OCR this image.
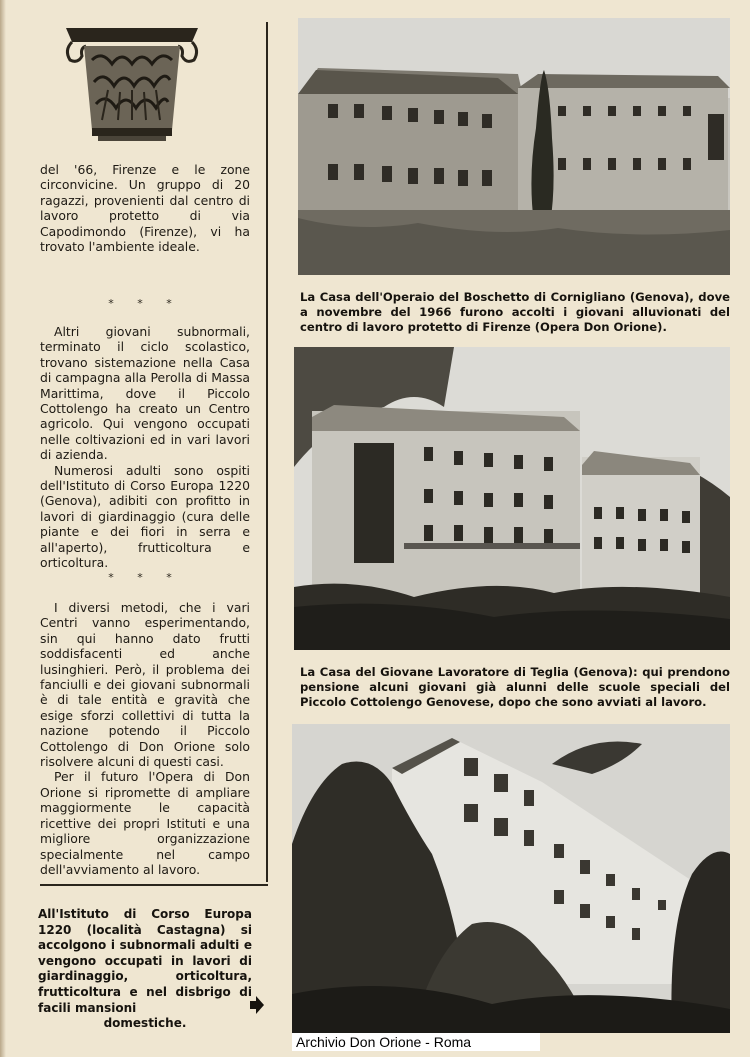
del '66, Firenze e le zone circonvicine. Un gruppo di 20 ragazzi, provenienti dal centro di lavoro protetto di via Capodimondo (Firenze), vi ha trovato l'ambiente ideale.

* * *

Altri giovani subnormali, terminato il ciclo scolastico, trovano sistemazione nella Casa di campagna alla Perolla di Massa Marittima, dove il Piccolo Cottolengo ha creato un Centro agricolo. Qui vengono occupati nelle coltivazioni ed in vari lavori di azienda.

Numerosi adulti sono ospiti dell'Istituto di Corso Europa 1220 (Genova), adibiti con profitto in lavori di giardinaggio (cura delle piante e dei fiori in serra e all'aperto), frutticoltura e orticoltura.

* * *

I diversi metodi, che i vari Centri vanno esperimentando, sin qui hanno dato frutti soddisfacenti ed anche lusinghieri. Però, il problema dei fanciulli e dei giovani subnormali è di tale entità e gravità che esige sforzi collettivi di tutta la nazione potendo il Piccolo Cottolengo di Don Orione solo risolvere alcuni di questi casi.

Per il futuro l'Opera di Don Orione si ripromette di ampliare maggiormente le capacità ricettive dei propri Istituti e una migliore organizzazione specialmente nel campo dell'avviamento al lavoro.

All'Istituto di Corso Europa 1220 (località Castagna) si accolgono i subnormali adulti e vengono occupati in lavori di giardinaggio, orticoltura, frutticoltura e nel disbrigo di facili mansioni
domestiche.
La Casa dell'Operaio del Boschetto di Cornigliano (Genova), dove a novembre del 1966 furono accolti i giovani alluvionati del centro di lavoro protetto di Firenze (Opera Don Orione).
La Casa del Giovane Lavoratore di Teglia (Genova): qui prendono pensione alcuni giovani già alunni delle scuole speciali del Piccolo Cottolengo Genovese, dopo che sono avviati al lavoro.
Archivio Don Orione - Roma
